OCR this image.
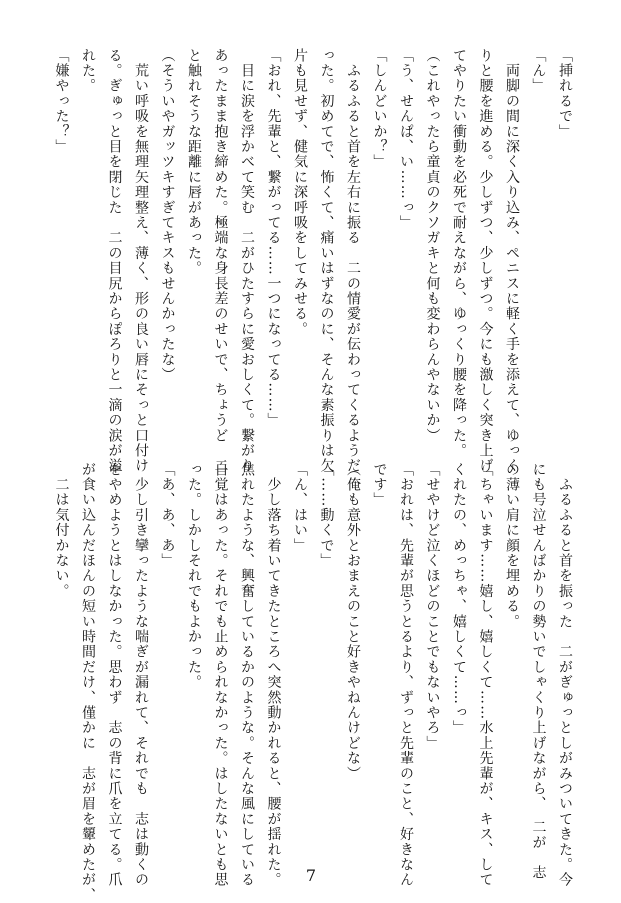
「挿れるで」
「ん」
　両脚の間に深く入り込み、ペニスに軽く手を添えて、ゆっく
りと腰を進める。少しずつ、少しずつ。今にも激しく突き上げ
てやりたい衝動を必死で耐えながら、ゆっくり腰を降った。
（これやったら童貞のクソガキと何も変わらんやないか）
「う、せんぱ、い……っ」
「しんどいか？」
　ふるふると首を左右に振る　二の情愛が伝わってくるようだ
った。初めてで、怖くて、痛いはずなのに、そんな素振りは欠
片も見せず、健気に深呼吸をしてみせる。
「おれ、先輩と、繋がってる……一つになってる……」
　目に涙を浮かべて笑む　二がひたすらに愛おしくて。繋がり
あったまま抱き締めた。極端な身長差のせいで、ちょうど　二
と触れそうな距離に唇があった。
（そういやガッツキすぎてキスもせんかったな）
　荒い呼吸を無理矢理整え、薄く、形の良い唇にそっと口付け
る。ぎゅっと目を閉じた　二の目尻からぽろりと一滴の涙が溢
れた。
「嫌やった？」
　ふるふると首を振った　二がぎゅっとしがみついてきた。今
にも号泣せんばかりの勢いでしゃくり上げながら、　二が　志
の薄い肩に顔を埋める。
「ちゃいます……嬉し、嬉しくて……水上先輩が、キス、して
くれたの、めっちゃ、嬉しくて……っ」
「せやけど泣くほどのことでもないやろ」
「おれは、先輩が思うとるより、ずっと先輩のこと、好きなん
です」
（俺も意外とおまえのこと好きやねんけどな）
「……動くで」
「ん、はい」
　少し落ち着いてきたところへ突然動かれると、腰が揺れた。
焦れたような、興奮しているかのような。そんな風にしている
自覚はあった。それでも止められなかった。はしたないとも思
った。しかしそれでもよかった。
「あ、あ、あ」
　少し引き攣ったような喘ぎが漏れて、それでも　志は動くの
をやめようとはしなかった。思わず　志の背に爪を立てる。爪
が食い込んだほんの短い時間だけ、僅かに　志が眉を顰めたが、
　二は気付かない。
7
